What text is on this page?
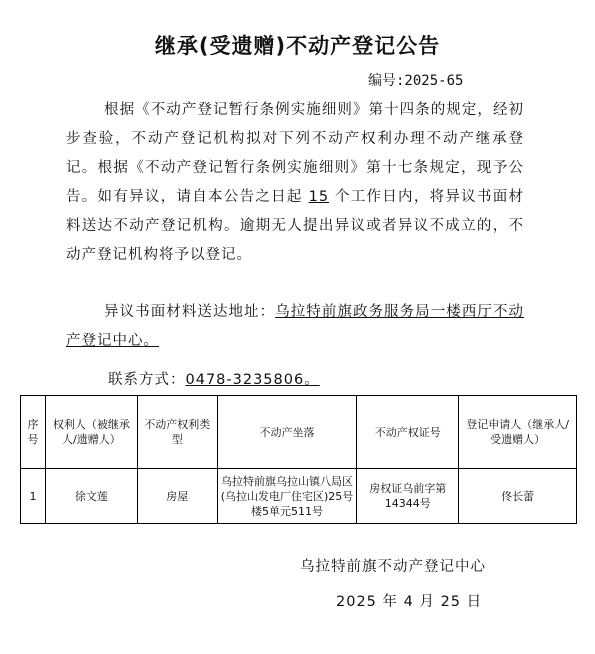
继承(受遗赠)不动产登记公告
编号:2025-65
根据《不动产登记暂行条例实施细则》第十四条的规定，经初步查验，不动产登记机构拟对下列不动产权利办理不动产继承登记。根据《不动产登记暂行条例实施细则》第十七条规定，现予公告。如有异议，请自本公告之日起 15 个工作日内，将异议书面材料送达不动产登记机构。逾期无人提出异议或者异议不成立的，不动产登记机构将予以登记。
异议书面材料送达地址：乌拉特前旗政务服务局一楼西厅不动产登记中心。
联系方式：0478-3235806。
序号	权利人（被继承人/遗赠人）	不动产权利类型	不动产坐落	不动产权证号	登记申请人（继承人/受遗赠人）
1	徐文莲	房屋	乌拉特前旗乌拉山镇八局区(乌拉山发电厂住宅区)25号楼5单元511号	房权证乌前字第14344号	佟长蕾
乌拉特前旗不动产登记中心
2025 年 4 月 25 日
